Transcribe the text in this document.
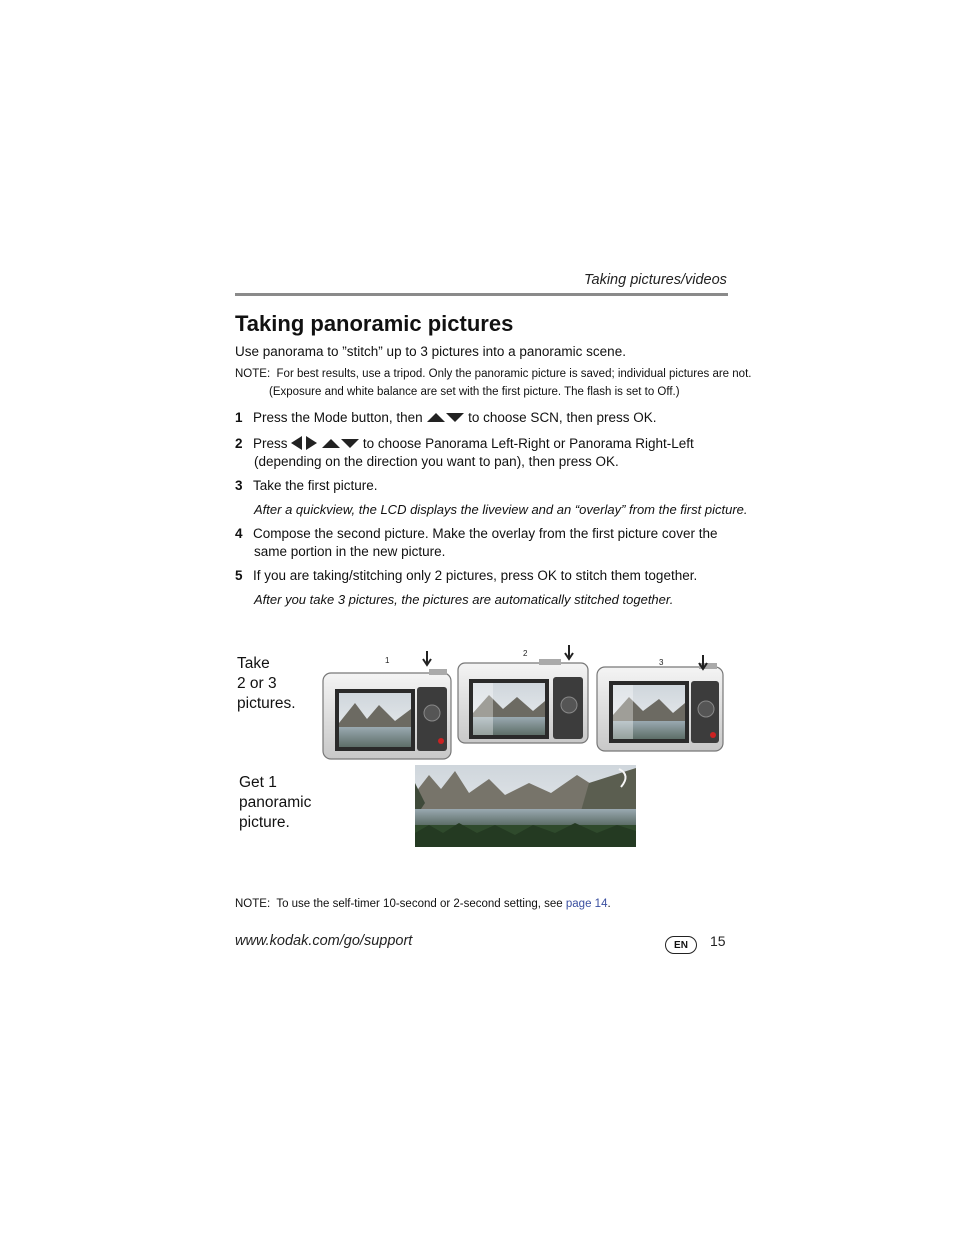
Taking pictures/videos
Taking panoramic pictures
Use panorama to ”stitch” up to 3 pictures into a panoramic scene.
NOTE:  For best results, use a tripod. Only the panoramic picture is saved; individual pictures are not.
(Exposure and white balance are set with the first picture. The flash is set to Off.)
1 Press the Mode button, then	to choose SCN, then press OK.
2 Press	to choose Panorama Left-Right or Panorama Right-Left
(depending on the direction you want to pan), then press OK.
3 Take the first picture.
After a quickview, the LCD displays the liveview and an “overlay” from the first picture.
4 Compose the second picture. Make the overlay from the first picture cover the
same portion in the new picture.
5 If you are taking/stitching only 2 pictures, press OK to stitch them together.
After you take 3 pictures, the pictures are automatically stitched together.
1
2
3
Take
2 or 3
pictures.
Get 1
panoramic
picture.
NOTE:  To use the self-timer 10-second or 2-second setting, see page 14.
www.kodak.com/go/support	EN	15
